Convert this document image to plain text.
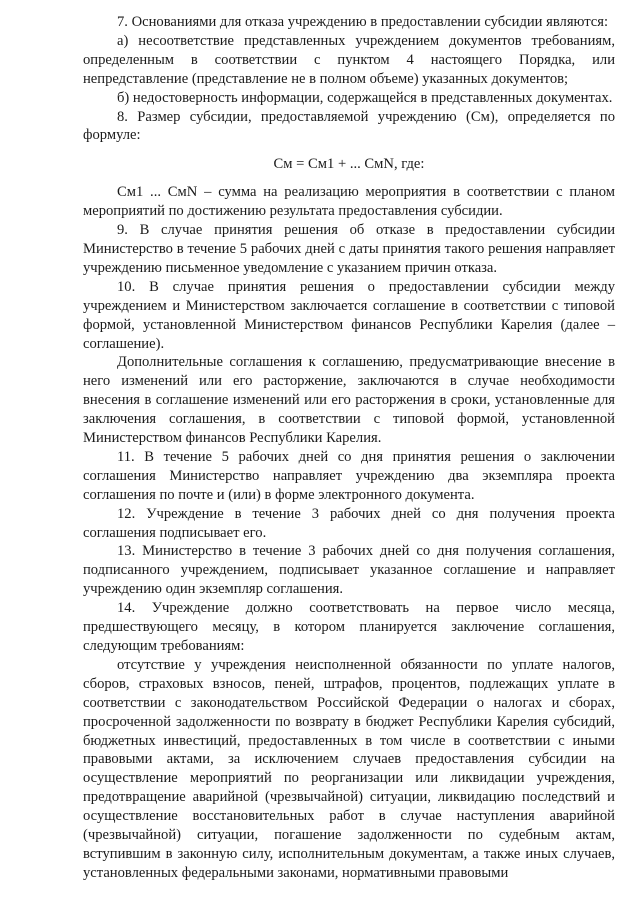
7. Основаниями для отказа учреждению в предоставлении субсидии являются:

а) несоответствие представленных учреждением документов требованиям, определенным в соответствии с пунктом 4 настоящего Порядка, или непредставление (представление не в полном объеме) указанных документов;

б) недостоверность информации, содержащейся в представленных документах.

8. Размер субсидии, предоставляемой учреждению (Cм), определяется по формуле:

Cм = Cм1 + ... CмN, где:

Cм1 ... CмN – сумма на реализацию мероприятия в соответствии с планом мероприятий по достижению результата предоставления субсидии.

9. В случае принятия решения об отказе в предоставлении субсидии Министерство в течение 5 рабочих дней с даты принятия такого решения направляет учреждению письменное уведомление с указанием причин отказа.

10. В случае принятия решения о предоставлении субсидии между учреждением и Министерством заключается соглашение в соответствии с типовой формой, установленной Министерством финансов Республики Карелия (далее – соглашение).

Дополнительные соглашения к соглашению, предусматривающие внесение в него изменений или его расторжение, заключаются в случае необходимости внесения в соглашение изменений или его расторжения в сроки, установленные для заключения соглашения, в соответствии с типовой формой, установленной Министерством финансов Республики Карелия.

11. В течение 5 рабочих дней со дня принятия решения о заключении соглашения Министерство направляет учреждению два экземпляра проекта соглашения по почте и (или) в форме электронного документа.

12. Учреждение в течение 3 рабочих дней со дня получения проекта соглашения подписывает его.

13. Министерство в течение 3 рабочих дней со дня получения соглашения, подписанного учреждением, подписывает указанное соглашение и направляет учреждению один экземпляр соглашения.

14. Учреждение должно соответствовать на первое число месяца, предшествующего месяцу, в котором планируется заключение соглашения, следующим требованиям:

отсутствие у учреждения неисполненной обязанности по уплате налогов, сборов, страховых взносов, пеней, штрафов, процентов, подлежащих уплате в соответствии с законодательством Российской Федерации о налогах и сборах, просроченной задолженности по возврату в бюджет Республики Карелия субсидий, бюджетных инвестиций, предоставленных в том числе в соответствии с иными правовыми актами, за исключением случаев предоставления субсидии на осуществление мероприятий по реорганизации или ликвидации учреждения, предотвращение аварийной (чрезвычайной) ситуации, ликвидацию последствий и осуществление восстановительных работ в случае наступления аварийной (чрезвычайной) ситуации, погашение задолженности по судебным актам, вступившим в законную силу, исполнительным документам, а также иных случаев, установленных федеральными законами, нормативными правовыми
